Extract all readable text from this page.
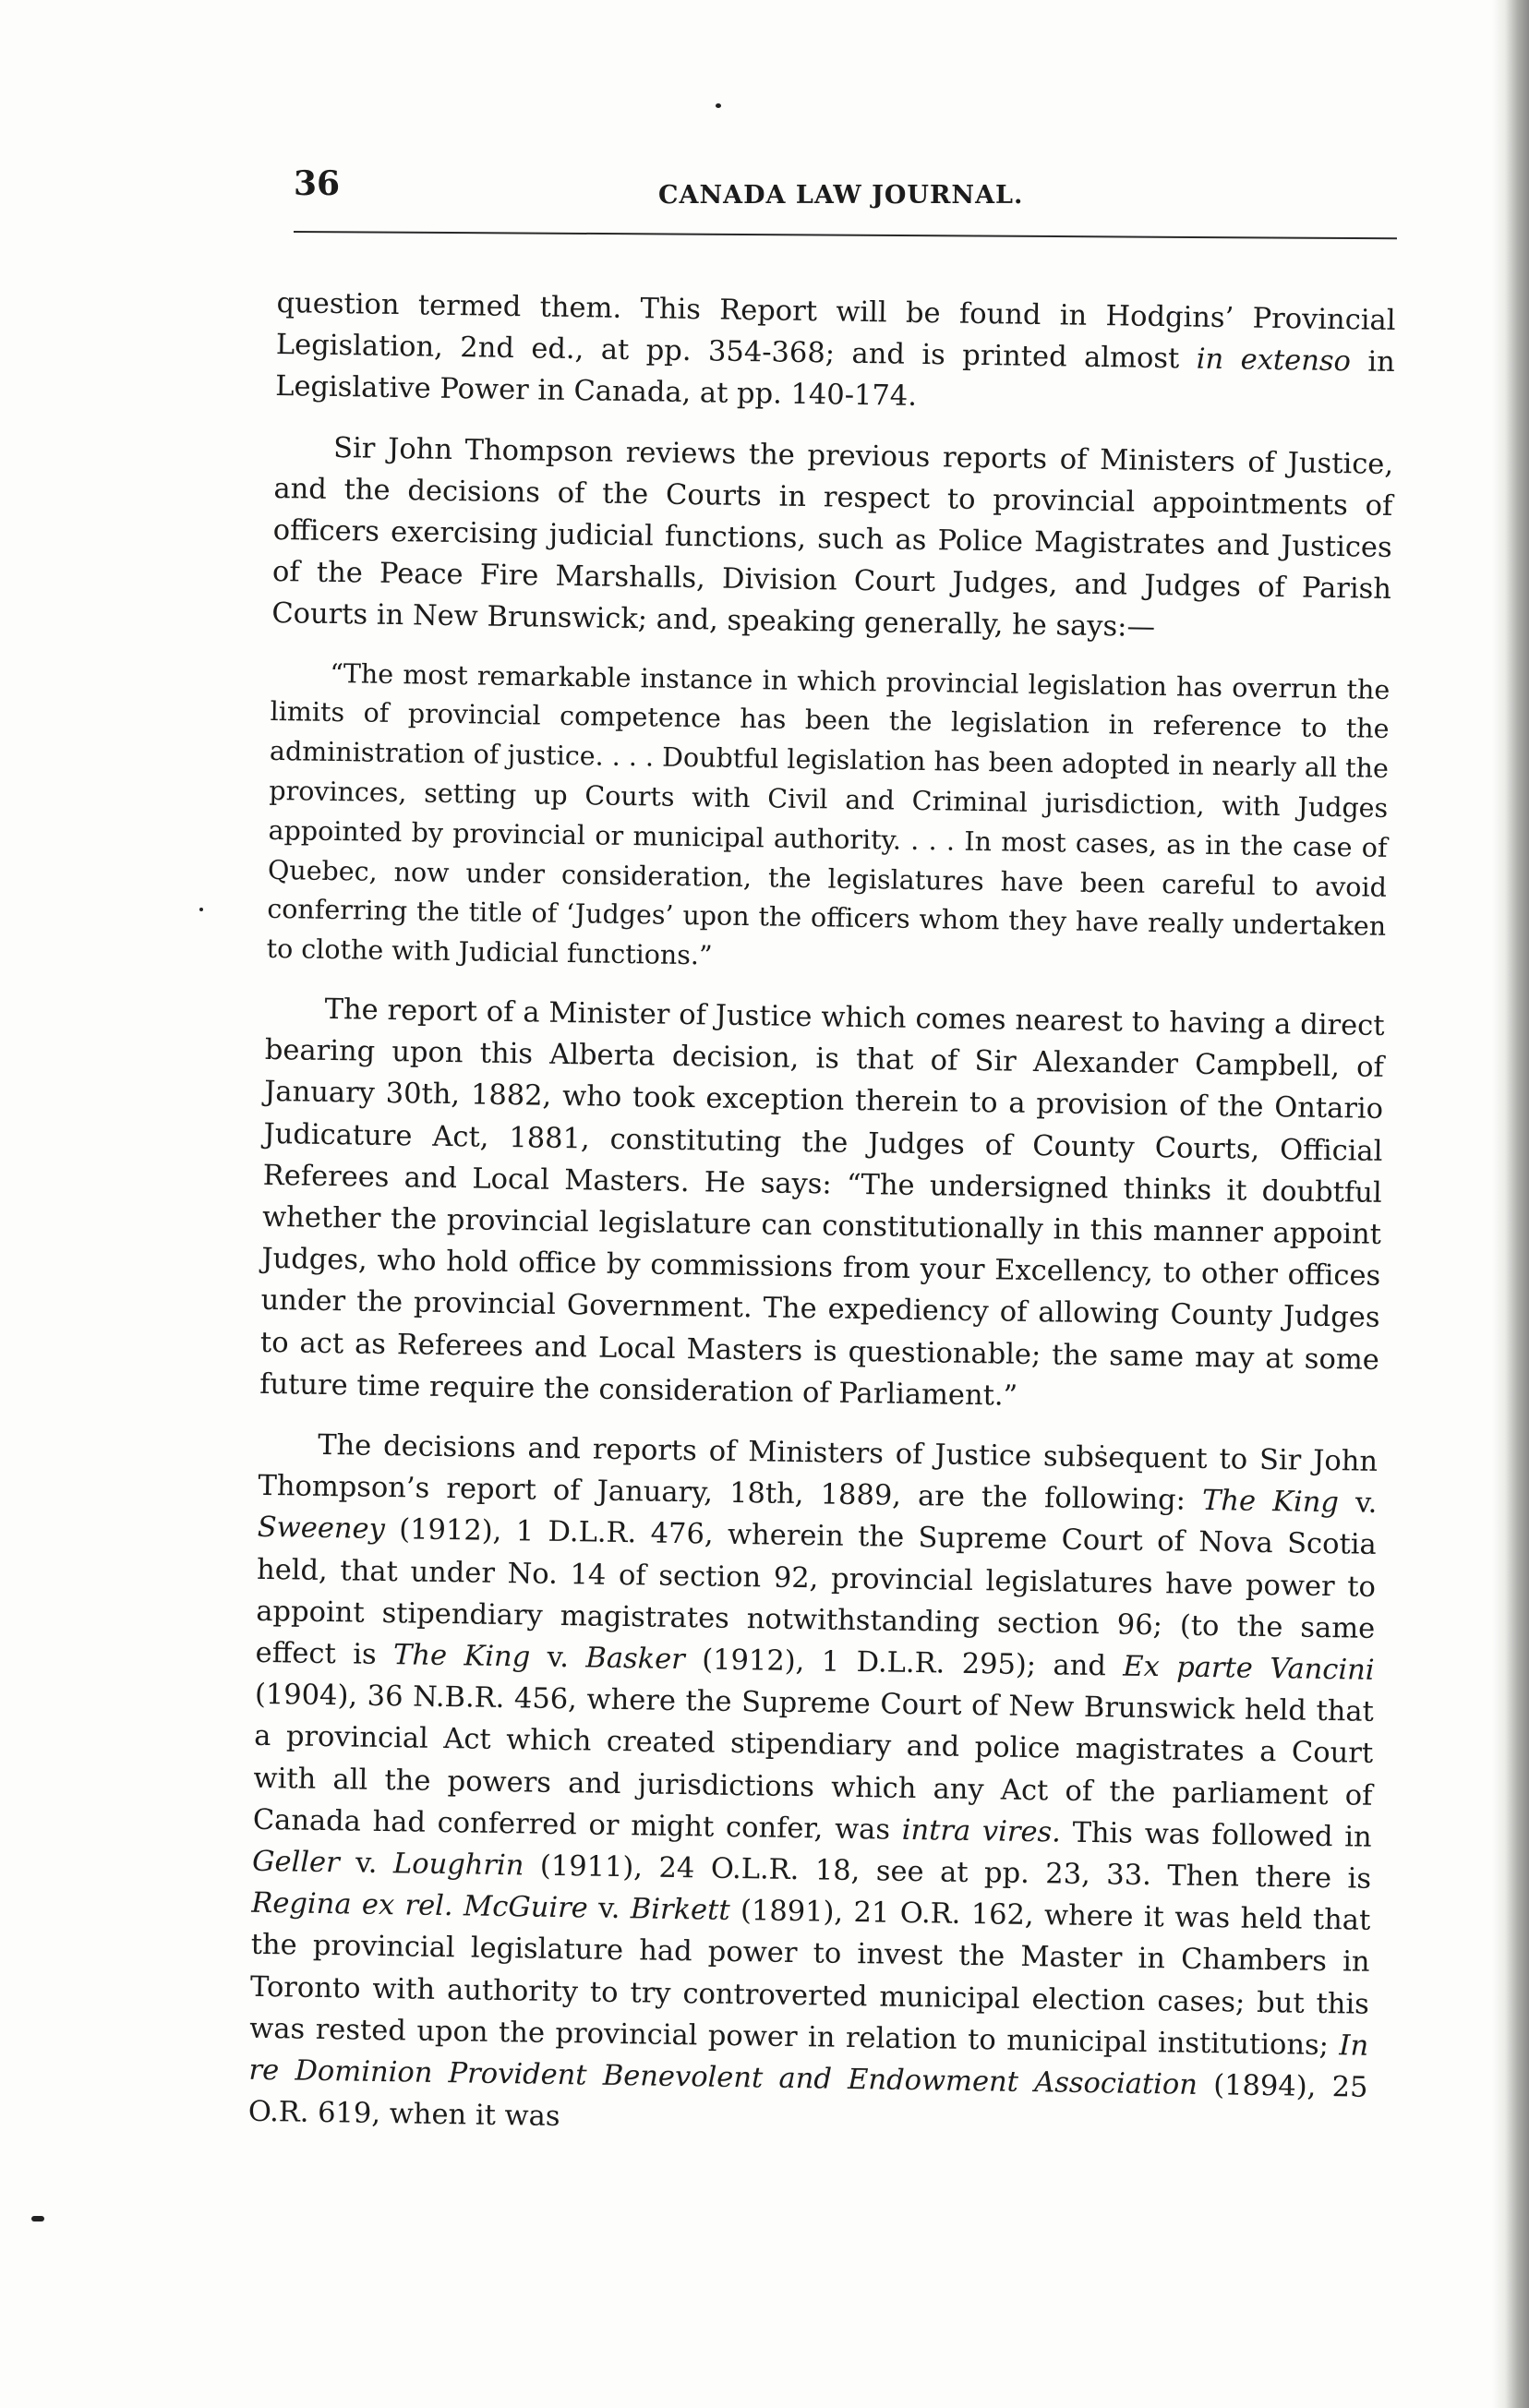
36	CANADA LAW JOURNAL.

question termed them. This Report will be found in Hodgins’ Provincial Legislation, 2nd ed., at pp. 354-368; and is printed almost in extenso in Legislative Power in Canada, at pp. 140-174.

Sir John Thompson reviews the previous reports of Ministers of Justice, and the decisions of the Courts in respect to provincial appointments of officers exercising judicial functions, such as Police Magistrates and Justices of the Peace Fire Marshalls, Division Court Judges, and Judges of Parish Courts in New Brunswick; and, speaking generally, he says:—

“The most remarkable instance in which provincial legislation has overrun the limits of provincial competence has been the legislation in reference to the administration of justice. . . . Doubtful legislation has been adopted in nearly all the provinces, setting up Courts with Civil and Criminal jurisdiction, with Judges appointed by provincial or municipal authority. . . . In most cases, as in the case of Quebec, now under consideration, the legislatures have been careful to avoid conferring the title of ‘Judges’ upon the officers whom they have really undertaken to clothe with Judicial functions.”

The report of a Minister of Justice which comes nearest to having a direct bearing upon this Alberta decision, is that of Sir Alexander Campbell, of January 30th, 1882, who took exception therein to a provision of the Ontario Judicature Act, 1881, constituting the Judges of County Courts, Official Referees and Local Masters. He says: “The undersigned thinks it doubtful whether the provincial legislature can constitutionally in this manner appoint Judges, who hold office by commissions from your Excellency, to other offices under the provincial Government. The expediency of allowing County Judges to act as Referees and Local Masters is questionable; the same may at some future time require the consideration of Parliament.”

The decisions and reports of Ministers of Justice subsequent to Sir John Thompson’s report of January, 18th, 1889, are the following: The King v. Sweeney (1912), 1 D.L.R. 476, wherein the Supreme Court of Nova Scotia held, that under No. 14 of section 92, provincial legislatures have power to appoint stipendiary magistrates notwithstanding section 96; (to the same effect is The King v. Basker (1912), 1 D.L.R. 295); and Ex parte Vancini (1904), 36 N.B.R. 456, where the Supreme Court of New Brunswick held that a provincial Act which created stipendiary and police magistrates a Court with all the powers and jurisdictions which any Act of the parliament of Canada had conferred or might confer, was intra vires. This was followed in Geller v. Loughrin (1911), 24 O.L.R. 18, see at pp. 23, 33. Then there is Regina ex rel. McGuire v. Birkett (1891), 21 O.R. 162, where it was held that the provincial legislature had power to invest the Master in Chambers in Toronto with authority to try controverted municipal election cases; but this was rested upon the provincial power in relation to municipal institutions; In re Dominion Provident Benevolent and Endowment Association (1894), 25 O.R. 619, when it was
